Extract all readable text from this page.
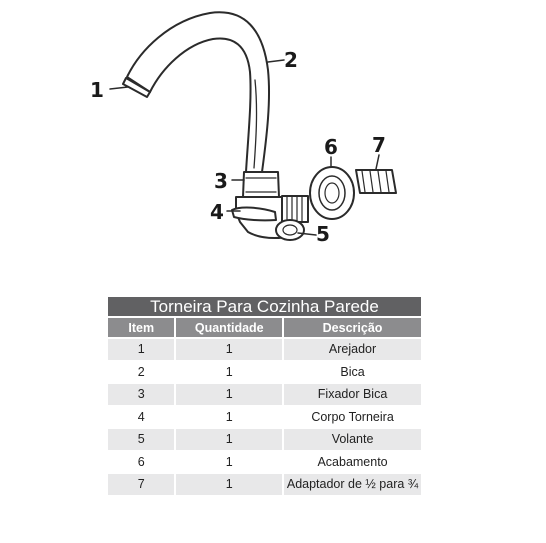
1
2
3
4
5
6 7
Torneira Para Cozinha Parede		
Item	Quantidade	Descrição
1	1	Arejador
2	1	Bica
3	1	Fixador Bica
4	1	Corpo Torneira
5	1	Volante
6	1	Acabamento
7	1	Adaptador de ½ para ¾
